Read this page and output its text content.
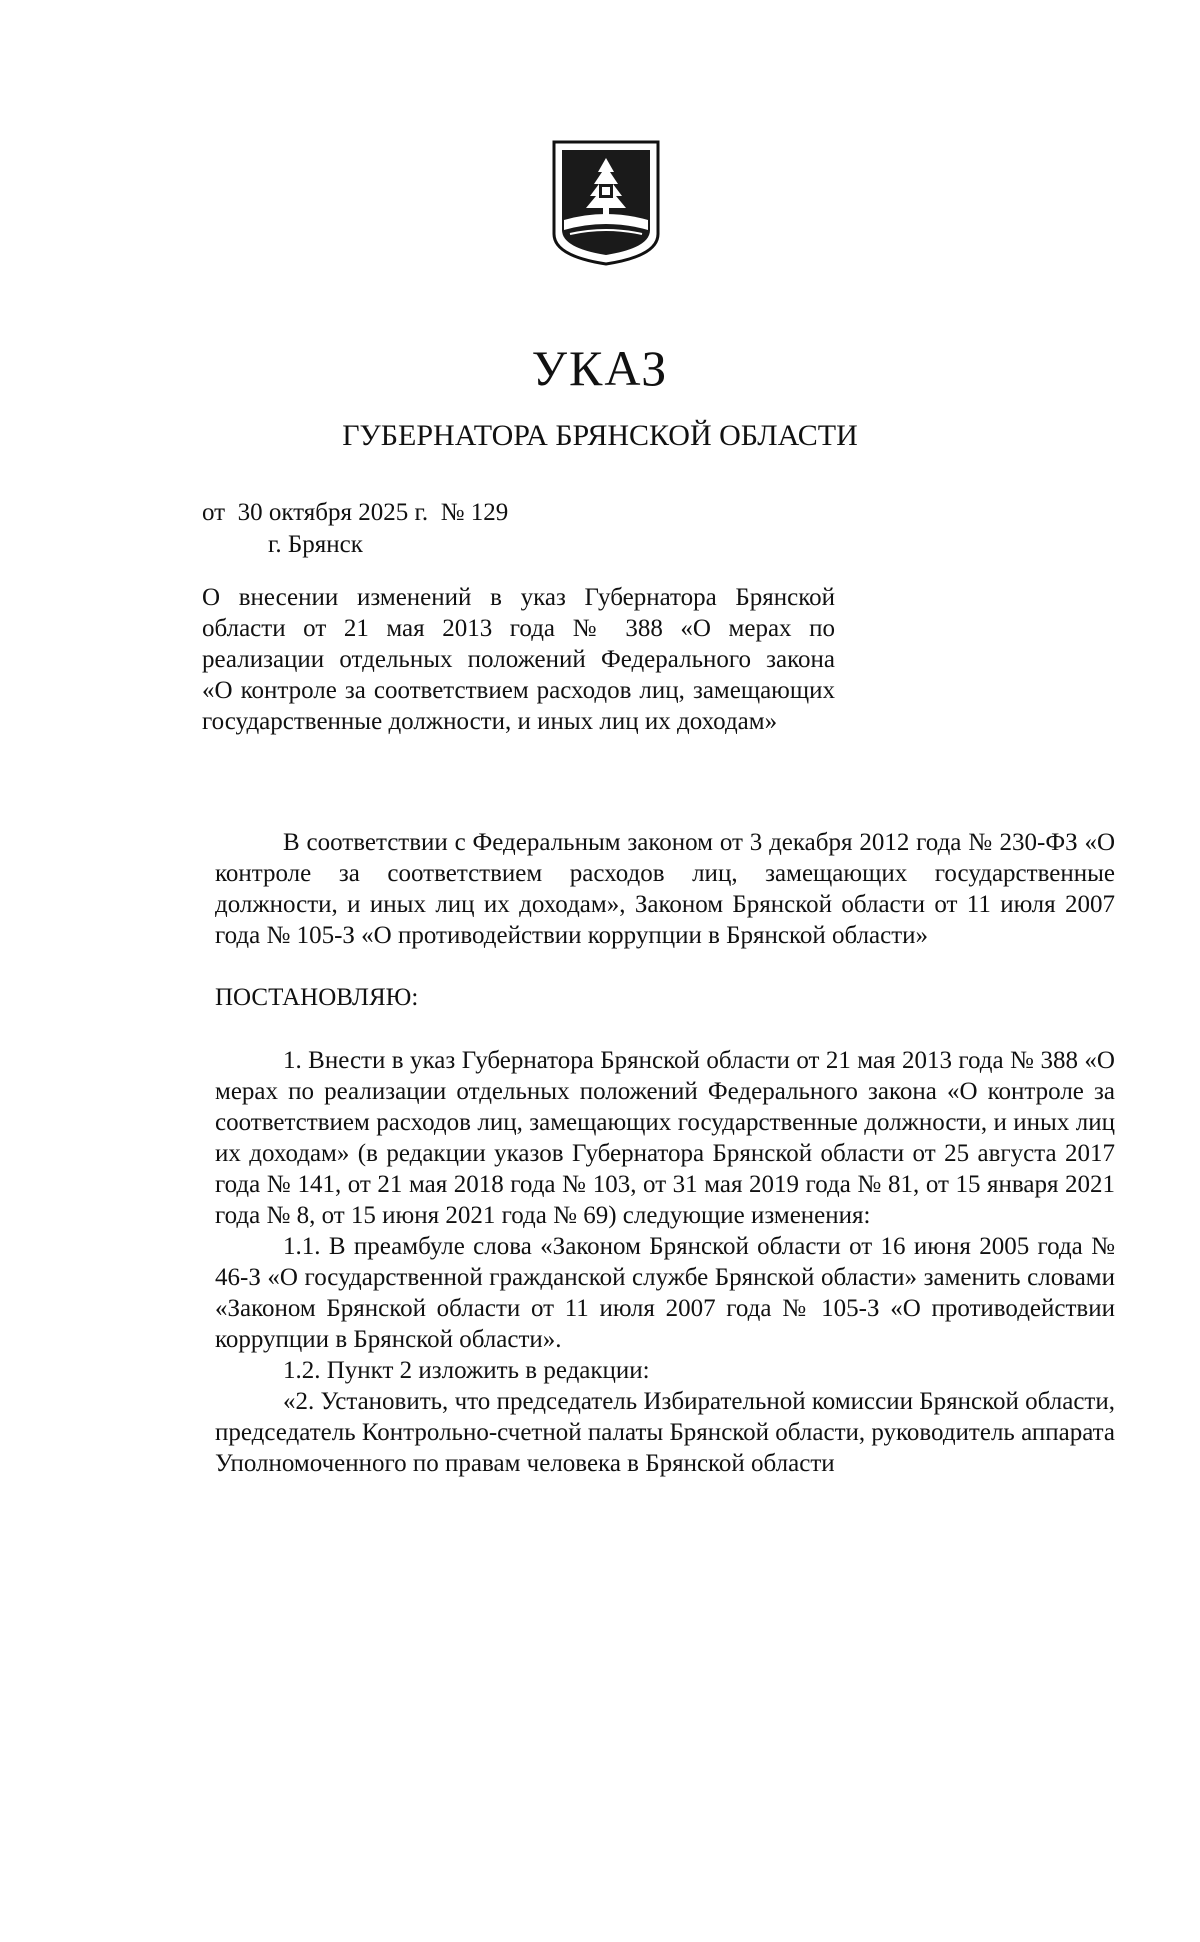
УКАЗ
ГУБЕРНАТОРА БРЯНСКОЙ ОБЛАСТИ
от  30 октября 2025 г.  № 129
г. Брянск
О внесении изменений в указ Губернатора Брянской области от 21 мая 2013 года № 388 «О мерах по реализации отдельных положений Федерального закона «О контроле за соответствием расходов лиц, замещающих государственные должности, и иных лиц их доходам»

В соответствии с Федеральным законом от 3 декабря 2012 года № 230-ФЗ «О контроле за соответствием расходов лиц, замещающих государственные должности, и иных лиц их доходам», Законом Брянской области от 11 июля 2007 года № 105-З «О противодействии коррупции в Брянской области»

ПОСТАНОВЛЯЮ:

1. Внести в указ Губернатора Брянской области от 21 мая 2013 года № 388 «О мерах по реализации отдельных положений Федерального закона «О контроле за соответствием расходов лиц, замещающих государственные должности, и иных лиц их доходам» (в редакции указов Губернатора Брянской области от 25 августа 2017 года № 141, от 21 мая 2018 года № 103, от 31 мая 2019 года № 81, от 15 января 2021 года № 8, от 15 июня 2021 года № 69) следующие изменения:

1.1. В преамбуле слова «Законом Брянской области от 16 июня 2005 года № 46-З «О государственной гражданской службе Брянской области» заменить словами «Законом Брянской области от 11 июля 2007 года № 105-З «О противодействии коррупции в Брянской области».

1.2. Пункт 2 изложить в редакции:

«2. Установить, что председатель Избирательной комиссии Брянской области, председатель Контрольно-счетной палаты Брянской области, руководитель аппарата Уполномоченного по правам человека в Брянской области
